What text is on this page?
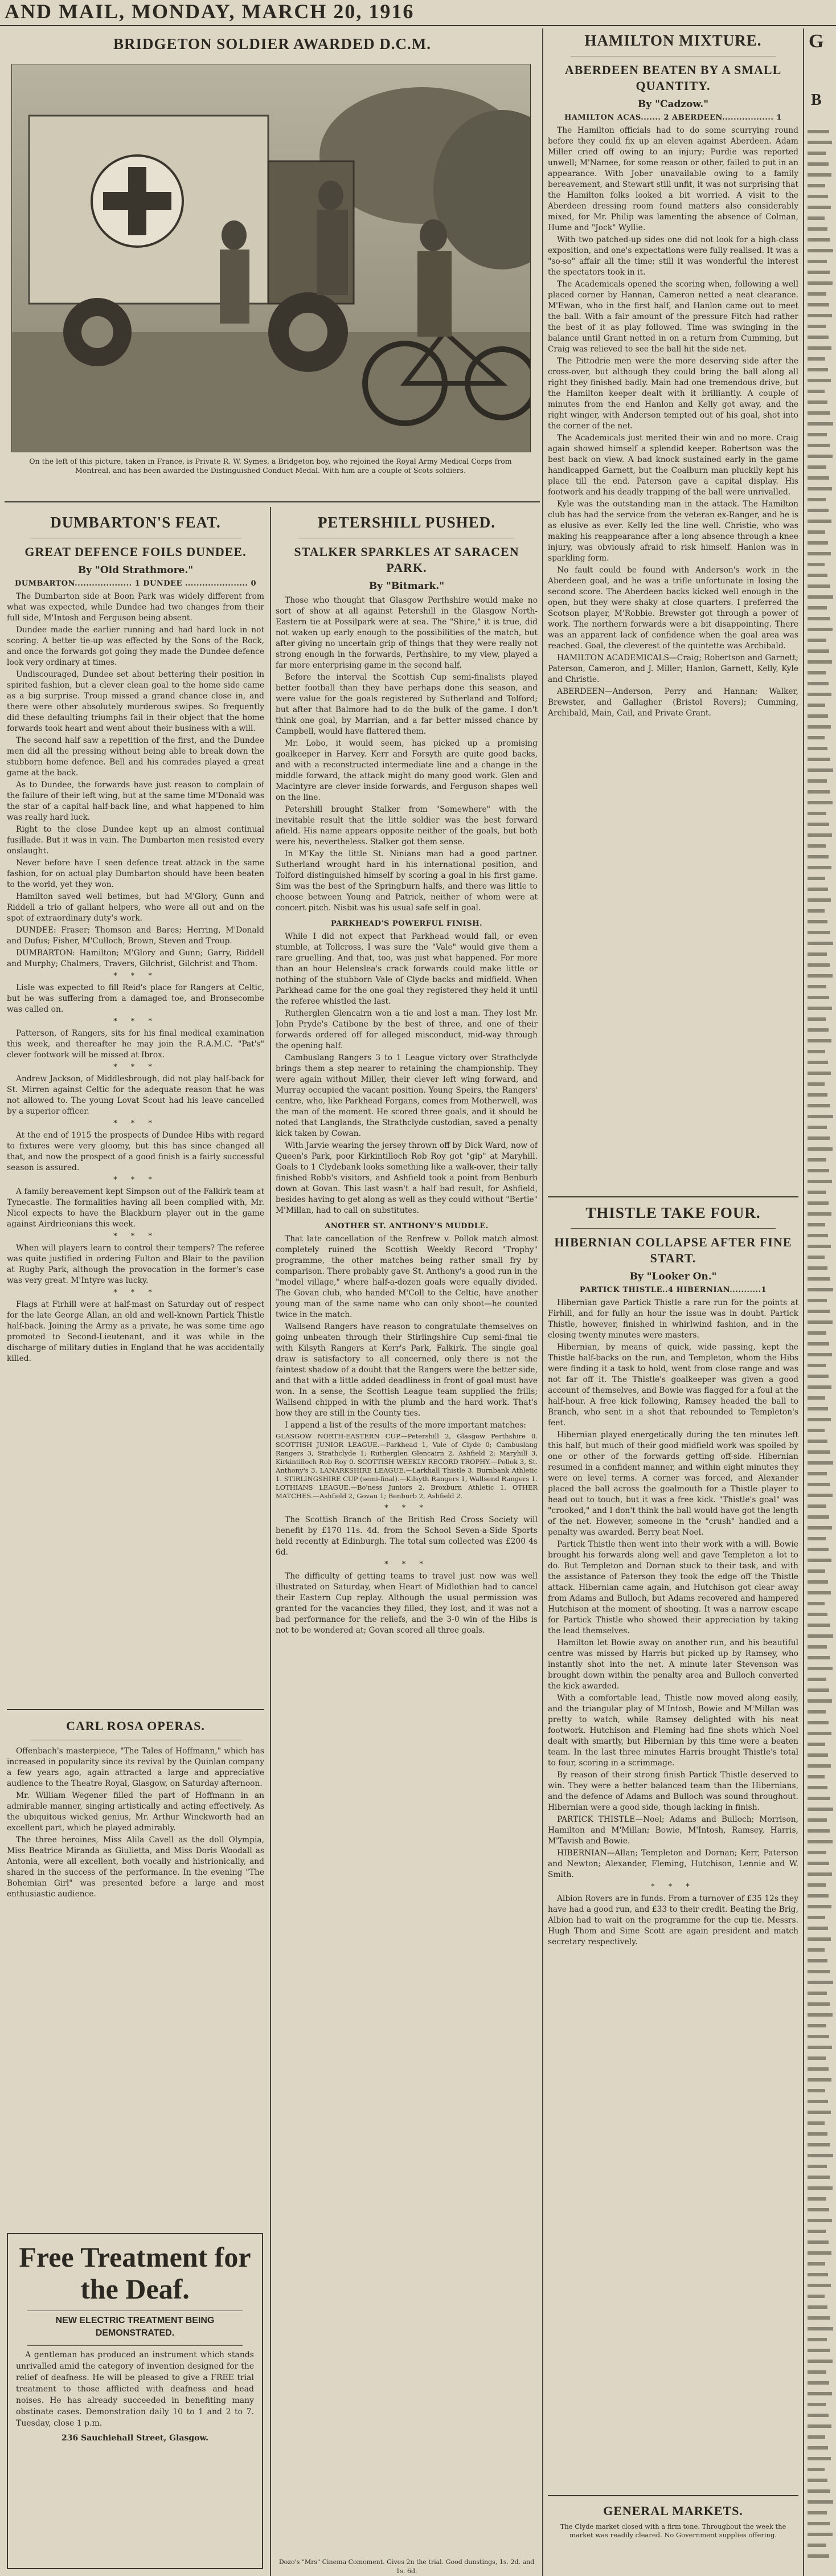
AND MAIL, MONDAY, MARCH 20, 1916
BRIDGETON SOLDIER AWARDED D.C.M.
On the left of this picture, taken in France, is Private R. W. Symes, a Bridgeton boy, who rejoined the Royal Army Medical Corps from Montreal, and has been awarded the Distinguished Conduct Medal. With him are a couple of Scots soldiers.
DUMBARTON'S FEAT.
GREAT DEFENCE FOILS DUNDEE.
By "Old Strathmore."
DUMBARTON.................... 1 DUNDEE ...................... 0
The Dumbarton side at Boon Park was widely different from what was expected, while Dundee had two changes from their full side, M'Intosh and Ferguson being absent.
Dundee made the earlier running and had hard luck in not scoring. A better tie-up was effected by the Sons of the Rock, and once the forwards got going they made the Dundee defence look very ordinary at times.
Undiscouraged, Dundee set about bettering their position in spirited fashion, but a clever clean goal to the home side came as a big surprise. Troup missed a grand chance close in, and there were other absolutely murderous swipes. So frequently did these defaulting triumphs fail in their object that the home forwards took heart and went about their business with a will.
The second half saw a repetition of the first, and the Dundee men did all the pressing without being able to break down the stubborn home defence. Bell and his comrades played a great game at the back.
As to Dundee, the forwards have just reason to complain of the failure of their left wing, but at the same time M'Donald was the star of a capital half-back line, and what happened to him was really hard luck.
Right to the close Dundee kept up an almost continual fusillade. But it was in vain. The Dumbarton men resisted every onslaught.
Never before have I seen defence treat attack in the same fashion, for on actual play Dumbarton should have been beaten to the world, yet they won.
Hamilton saved well betimes, but had M'Glory, Gunn and Riddell a trio of gallant helpers, who were all out and on the spot of extraordinary duty's work.
DUNDEE: Fraser; Thomson and Bares; Herring, M'Donald and Dufus; Fisher, M'Culloch, Brown, Steven and Troup.
DUMBARTON: Hamilton; M'Glory and Gunn; Garry, Riddell and Murphy; Chalmers, Travers, Gilchrist, Gilchrist and Thom.
* * *
Lisle was expected to fill Reid's place for Rangers at Celtic, but he was suffering from a damaged toe, and Bronsecombe was called on.
* * *
Patterson, of Rangers, sits for his final medical examination this week, and thereafter he may join the R.A.M.C. "Pat's" clever footwork will be missed at Ibrox.
* * *
Andrew Jackson, of Middlesbrough, did not play half-back for St. Mirren against Celtic for the adequate reason that he was not allowed to. The young Lovat Scout had his leave cancelled by a superior officer.
* * *
At the end of 1915 the prospects of Dundee Hibs with regard to fixtures were very gloomy, but this has since changed all that, and now the prospect of a good finish is a fairly successful season is assured.
* * *
A family bereavement kept Simpson out of the Falkirk team at Tynecastle. The formalities having all been complied with, Mr. Nicol expects to have the Blackburn player out in the game against Airdrieonians this week.
* * *
When will players learn to control their tempers? The referee was quite justified in ordering Fulton and Blair to the pavilion at Rugby Park, although the provocation in the former's case was very great. M'Intyre was lucky.
* * *
Flags at Firhill were at half-mast on Saturday out of respect for the late George Allan, an old and well-known Partick Thistle half-back. Joining the Army as a private, he was some time ago promoted to Second-Lieutenant, and it was while in the discharge of military duties in England that he was accidentally killed.
CARL ROSA OPERAS.
Offenbach's masterpiece, "The Tales of Hoffmann," which has increased in popularity since its revival by the Quinlan company a few years ago, again attracted a large and appreciative audience to the Theatre Royal, Glasgow, on Saturday afternoon.
Mr. William Wegener filled the part of Hoffmann in an admirable manner, singing artistically and acting effectively. As the ubiquitous wicked genius, Mr. Arthur Winckworth had an excellent part, which he played admirably.
The three heroines, Miss Alila Cavell as the doll Olympia, Miss Beatrice Miranda as Giulietta, and Miss Doris Woodall as Antonia, were all excellent, both vocally and histrionically, and shared in the success of the performance. In the evening "The Bohemian Girl" was presented before a large and most enthusiastic audience.
Free Treatment for the Deaf.
NEW ELECTRIC TREATMENT BEING DEMONSTRATED.
A gentleman has produced an instrument which stands unrivalled amid the category of invention designed for the relief of deafness. He will be pleased to give a FREE trial treatment to those afflicted with deafness and head noises. He has already succeeded in benefiting many obstinate cases. Demonstration daily 10 to 1 and 2 to 7. Tuesday, close 1 p.m.
236 Sauchiehall Street, Glasgow.
PETERSHILL PUSHED.
STALKER SPARKLES AT SARACEN PARK.
By "Bitmark."
Those who thought that Glasgow Perthshire would make no sort of show at all against Petershill in the Glasgow North-Eastern tie at Possilpark were at sea. The "Shire," it is true, did not waken up early enough to the possibilities of the match, but after giving no uncertain grip of things that they were really not strong enough in the forwards, Perthshire, to my view, played a far more enterprising game in the second half.
Before the interval the Scottish Cup semi-finalists played better football than they have perhaps done this season, and were value for the goals registered by Sutherland and Tolford; but after that Balmore had to do the bulk of the game. I don't think one goal, by Marrian, and a far better missed chance by Campbell, would have flattered them.
Mr. Lobo, it would seem, has picked up a promising goalkeeper in Harvey. Kerr and Forsyth are quite good backs, and with a reconstructed intermediate line and a change in the middle forward, the attack might do many good work. Glen and Macintyre are clever inside forwards, and Ferguson shapes well on the line.
Petershill brought Stalker from "Somewhere" with the inevitable result that the little soldier was the best forward afield. His name appears opposite neither of the goals, but both were his, nevertheless. Stalker got them sense.
In M'Kay the little St. Ninians man had a good partner. Sutherland wrought hard in his international position, and Tolford distinguished himself by scoring a goal in his first game. Sim was the best of the Springburn halfs, and there was little to choose between Young and Patrick, neither of whom were at concert pitch. Nisbit was his usual safe self in goal.
PARKHEAD'S POWERFUL FINISH.
While I did not expect that Parkhead would fall, or even stumble, at Tollcross, I was sure the "Vale" would give them a rare gruelling. And that, too, was just what happened. For more than an hour Helenslea's crack forwards could make little or nothing of the stubborn Vale of Clyde backs and midfield. When Parkhead came for the one goal they registered they held it until the referee whistled the last.
Rutherglen Glencairn won a tie and lost a man. They lost Mr. John Pryde's Catibone by the best of three, and one of their forwards ordered off for alleged misconduct, mid-way through the opening half.
Cambuslang Rangers 3 to 1 League victory over Strathclyde brings them a step nearer to retaining the championship. They were again without Miller, their clever left wing forward, and Murray occupied the vacant position. Young Speirs, the Rangers' centre, who, like Parkhead Forgans, comes from Motherwell, was the man of the moment. He scored three goals, and it should be noted that Langlands, the Strathclyde custodian, saved a penalty kick taken by Cowan.
With Jarvie wearing the jersey thrown off by Dick Ward, now of Queen's Park, poor Kirkintilloch Rob Roy got "gip" at Maryhill. Goals to 1 Clydebank looks something like a walk-over, their tally finished Robb's visitors, and Ashfield took a point from Benburb down at Govan. This last wasn't a half bad result, for Ashfield, besides having to get along as well as they could without "Bertie" M'Millan, had to call on substitutes.
ANOTHER ST. ANTHONY'S MUDDLE.
That late cancellation of the Renfrew v. Pollok match almost completely ruined the Scottish Weekly Record "Trophy" programme, the other matches being rather small fry by comparison. There probably gave St. Anthony's a good run in the "model village," where half-a-dozen goals were equally divided. The Govan club, who handed M'Coll to the Celtic, have another young man of the same name who can only shoot—he counted twice in the match.
Wallsend Rangers have reason to congratulate themselves on going unbeaten through their Stirlingshire Cup semi-final tie with Kilsyth Rangers at Kerr's Park, Falkirk. The single goal draw is satisfactory to all concerned, only there is not the faintest shadow of a doubt that the Rangers were the better side, and that with a little added deadliness in front of goal must have won. In a sense, the Scottish League team supplied the frills; Wallsend chipped in with the plumb and the hard work. That's how they are still in the County ties.
I append a list of the results of the more important matches:
GLASGOW NORTH-EASTERN CUP.—Petershill 2, Glasgow Perthshire 0. SCOTTISH JUNIOR LEAGUE.—Parkhead 1, Vale of Clyde 0; Cambuslang Rangers 3, Strathclyde 1; Rutherglen Glencairn 2, Ashfield 2; Maryhill 3, Kirkintilloch Rob Roy 0. SCOTTISH WEEKLY RECORD TROPHY.—Pollok 3, St. Anthony's 3. LANARKSHIRE LEAGUE.—Larkhall Thistle 3, Burnbank Athletic 1. STIRLINGSHIRE CUP (semi-final).—Kilsyth Rangers 1, Wallsend Rangers 1. LOTHIANS LEAGUE.—Bo'ness Juniors 2, Broxburn Athletic 1. OTHER MATCHES.—Ashfield 2, Govan 1; Benburb 2, Ashfield 2.
* * *
The Scottish Branch of the British Red Cross Society will benefit by £170 11s. 4d. from the School Seven-a-Side Sports held recently at Edinburgh. The total sum collected was £200 4s 6d.
* * *
The difficulty of getting teams to travel just now was well illustrated on Saturday, when Heart of Midlothian had to cancel their Eastern Cup replay. Although the usual permission was granted for the vacancies they filled, they lost, and it was not a bad performance for the reliefs, and the 3-0 win of the Hibs is not to be wondered at; Govan scored all three goals.
Dozo's "Mrs" Cinema Comoment. Gives 2n the trial. Good dunstings, 1s. 2d. and 1s. 6d.
HAMILTON MIXTURE.
ABERDEEN BEATEN BY A SMALL QUANTITY.
By "Cadzow."
HAMILTON ACAS....... 2 ABERDEEN.................. 1
The Hamilton officials had to do some scurrying round before they could fix up an eleven against Aberdeen. Adam Miller cried off owing to an injury; Purdie was reported unwell; M'Namee, for some reason or other, failed to put in an appearance. With Jober unavailable owing to a family bereavement, and Stewart still unfit, it was not surprising that the Hamilton folks looked a bit worried. A visit to the Aberdeen dressing room found matters also considerably mixed, for Mr. Philip was lamenting the absence of Colman, Hume and "Jock" Wyllie.
With two patched-up sides one did not look for a high-class exposition, and one's expectations were fully realised. It was a "so-so" affair all the time; still it was wonderful the interest the spectators took in it.
The Academicals opened the scoring when, following a well placed corner by Hannan, Cameron netted a neat clearance. M'Ewan, who in the first half, and Hanlon came out to meet the ball. With a fair amount of the pressure Fitch had rather the best of it as play followed. Time was swinging in the balance until Grant netted in on a return from Cumming, but Craig was relieved to see the ball hit the side net.
The Pittodrie men were the more deserving side after the cross-over, but although they could bring the ball along all right they finished badly. Main had one tremendous drive, but the Hamilton keeper dealt with it brilliantly. A couple of minutes from the end Hanlon and Kelly got away, and the right winger, with Anderson tempted out of his goal, shot into the corner of the net.
The Academicals just merited their win and no more. Craig again showed himself a splendid keeper. Robertson was the best back on view. A bad knock sustained early in the game handicapped Garnett, but the Coalburn man pluckily kept his place till the end. Paterson gave a capital display. His footwork and his deadly trapping of the ball were unrivalled.
Kyle was the outstanding man in the attack. The Hamilton club has had the service from the veteran ex-Ranger, and he is as elusive as ever. Kelly led the line well. Christie, who was making his reappearance after a long absence through a knee injury, was obviously afraid to risk himself. Hanlon was in sparkling form.
No fault could be found with Anderson's work in the Aberdeen goal, and he was a trifle unfortunate in losing the second score. The Aberdeen backs kicked well enough in the open, but they were shaky at close quarters. I preferred the Scotson player, M'Robbie. Brewster got through a power of work. The northern forwards were a bit disappointing. There was an apparent lack of confidence when the goal area was reached. Goal, the cleverest of the quintette was Archibald.
HAMILTON ACADEMICALS—Craig; Robertson and Garnett; Paterson, Cameron, and J. Miller; Hanlon, Garnett, Kelly, Kyle and Christie.
ABERDEEN—Anderson, Perry and Hannan; Walker, Brewster, and Gallagher (Bristol Rovers); Cumming, Archibald, Main, Cail, and Private Grant.
THISTLE TAKE FOUR.
HIBERNIAN COLLAPSE AFTER FINE START.
By "Looker On."
PARTICK THISTLE..4 HIBERNIAN...........1
Hibernian gave Partick Thistle a rare run for the points at Firhill, and for fully an hour the issue was in doubt. Partick Thistle, however, finished in whirlwind fashion, and in the closing twenty minutes were masters.
Hibernian, by means of quick, wide passing, kept the Thistle half-backs on the run, and Templeton, whom the Hibs were finding it a task to hold, went from close range and was not far off it. The Thistle's goalkeeper was given a good account of themselves, and Bowie was flagged for a foul at the half-hour. A free kick following, Ramsey headed the ball to Branch, who sent in a shot that rebounded to Templeton's feet.
Hibernian played energetically during the ten minutes left this half, but much of their good midfield work was spoiled by one or other of the forwards getting off-side. Hibernian resumed in a confident manner, and within eight minutes they were on level terms. A corner was forced, and Alexander placed the ball across the goalmouth for a Thistle player to head out to touch, but it was a free kick. "Thistle's goal" was "crooked," and I don't think the ball would have got the length of the net. However, someone in the "crush" handled and a penalty was awarded. Berry beat Noel.
Partick Thistle then went into their work with a will. Bowie brought his forwards along well and gave Templeton a lot to do. But Templeton and Dornan stuck to their task, and with the assistance of Paterson they took the edge off the Thistle attack. Hibernian came again, and Hutchison got clear away from Adams and Bulloch, but Adams recovered and hampered Hutchison at the moment of shooting. It was a narrow escape for Partick Thistle who showed their appreciation by taking the lead themselves.
Hamilton let Bowie away on another run, and his beautiful centre was missed by Harris but picked up by Ramsey, who instantly shot into the net. A minute later Stevenson was brought down within the penalty area and Bulloch converted the kick awarded.
With a comfortable lead, Thistle now moved along easily, and the triangular play of M'Intosh, Bowie and M'Millan was pretty to watch, while Ramsey delighted with his neat footwork. Hutchison and Fleming had fine shots which Noel dealt with smartly, but Hibernian by this time were a beaten team. In the last three minutes Harris brought Thistle's total to four, scoring in a scrimmage.
By reason of their strong finish Partick Thistle deserved to win. They were a better balanced team than the Hibernians, and the defence of Adams and Bulloch was sound throughout. Hibernian were a good side, though lacking in finish.
PARTICK THISTLE—Noel; Adams and Bulloch; Morrison, Hamilton and M'Millan; Bowie, M'Intosh, Ramsey, Harris, M'Tavish and Bowie.
HIBERNIAN—Allan; Templeton and Dornan; Kerr, Paterson and Newton; Alexander, Fleming, Hutchison, Lennie and W. Smith.
* * *
Albion Rovers are in funds. From a turnover of £35 12s they have had a good run, and £33 to their credit. Beating the Brig, Albion had to wait on the programme for the cup tie. Messrs. Hugh Thom and Sime Scott are again president and match secretary respectively.
GENERAL MARKETS.
The Clyde market closed with a firm tone. Throughout the week the market was readily cleared. No Government supplies offering.
G
B
